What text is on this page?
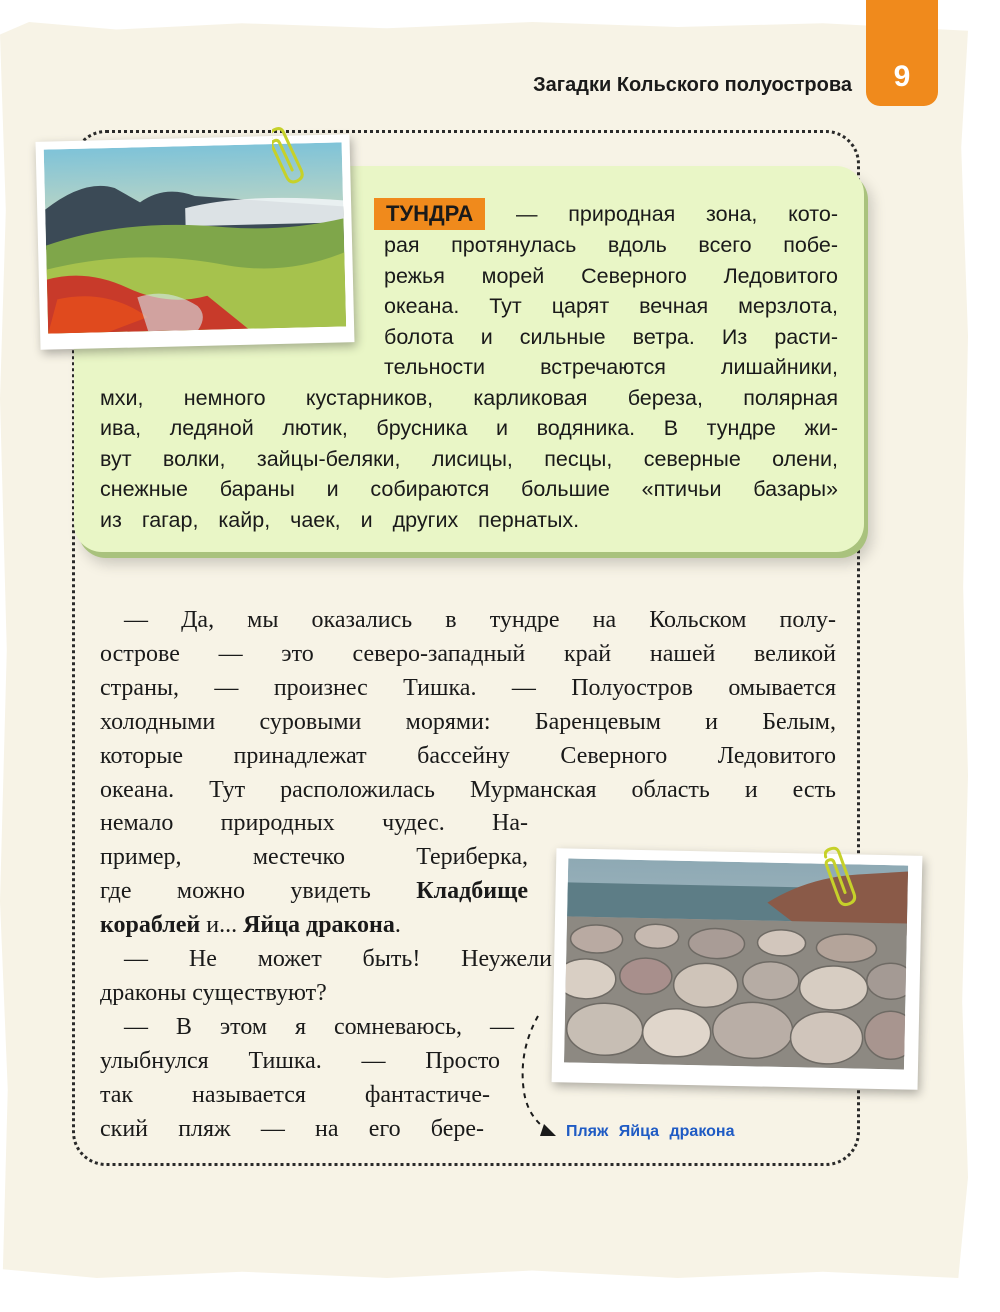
9
Загадки Кольского полуострова
ТУНДРА — природная зона, кото-
рая протянулась вдоль всего побе-
режья морей Северного Ледовитого
океана. Тут царят вечная мерзлота,
болота и сильные ветра. Из расти-
тельности встречаются лишайники,
мхи, немного кустарников, карликовая береза, полярная
ива, ледяной лютик, брусника и водяника. В тундре жи-
вут волки, зайцы-беляки, лисицы, песцы, северные олени,
снежные бараны и собираются большие «птичьи базары»
из гагар, кайр, чаек, и других пернатых.
— Да, мы оказались в тундре на Кольском полу-
острове — это северо-западный край нашей великой
страны, — произнес Тишка. — Полуостров омывается
холодными суровыми морями: Баренцевым и Белым,
которые принадлежат бассейну Северного Ледовитого
океана. Тут расположилась Мурманская область и есть
немало природных чудес. На-
пример, местечко Териберка,
где можно увидеть Кладбище
кораблей и... Яйца дракона.
— Не может быть! Неужели
драконы существуют?
— В этом я сомневаюсь, —
улыбнулся Тишка. — Просто
так называется фантастиче-
ский пляж — на его бере-	Пляж Яйца дракона
